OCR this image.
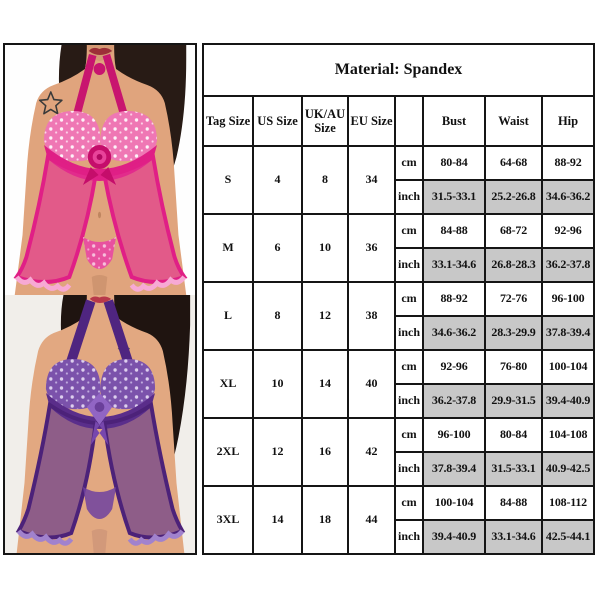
Material: Spandex							
Tag Size	US Size	UK/AU Size	EU Size		Bust	Waist	Hip
S	4	8	34	cm	80-84	64-68	88-92
				inch	31.5-33.1	25.2-26.8	34.6-36.2
M	6	10	36	cm	84-88	68-72	92-96
				inch	33.1-34.6	26.8-28.3	36.2-37.8
L	8	12	38	cm	88-92	72-76	96-100
				inch	34.6-36.2	28.3-29.9	37.8-39.4
XL	10	14	40	cm	92-96	76-80	100-104
				inch	36.2-37.8	29.9-31.5	39.4-40.9
2XL	12	16	42	cm	96-100	80-84	104-108
				inch	37.8-39.4	31.5-33.1	40.9-42.5
3XL	14	18	44	cm	100-104	84-88	108-112
				inch	39.4-40.9	33.1-34.6	42.5-44.1
